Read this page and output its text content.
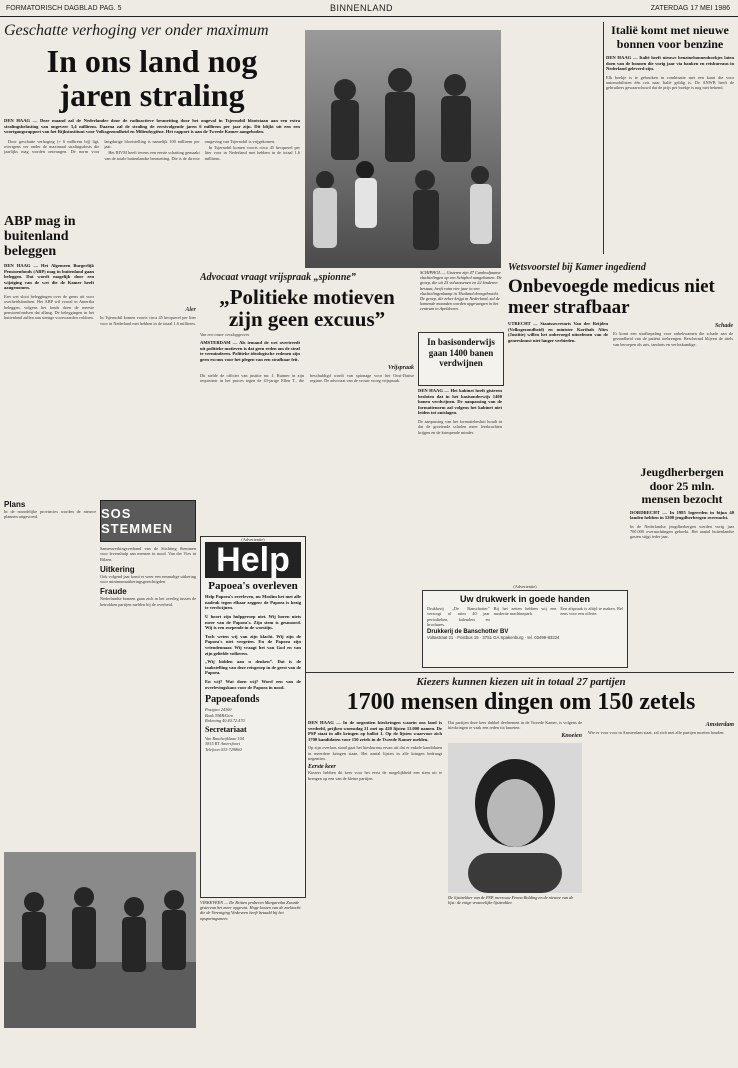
FORMATORISCH DAGBLAD PAG. 5	BINNENLAND	ZATERDAG 17 MEI 1986
Geschatte verhoging ver onder maximum
In ons land nog jaren straling
DEN HAAG — Deze maand zal de Nederlander door de radioactieve besmetting door het ongeval in Tsjernobil blootstaan aan een extra stralingsbelasting van ongeveer 3,4 millirem. Daarna zal de straling de eerstvolgende jaren 6 millirem per jaar zijn. Dit blijkt uit een een voortgangsrapport van het Rijksinstituut voor Volksgezondheid en Milieuhygiëne. Het rapport is aan de Tweede Kamer aangeboden.

Door geschatte verhoging (+ 6 millirem bij) ligt, overigens ver onder de maximaal stralingsdosis die jaarlijks mag worden ontvangen. De norm voor langdurige blootstelling is namelijk 100 millirem per jaar.

Het RIVM heeft tevens een eerste schatting gemaakt van de totale buitenlandse besmetting. Die is de directe omgeving van Tsjernobil is vrijgekomen.

In Tsjernobil komen voorts circa 45 becquerel per liter voor in Nederland met hebben in de totaal 1,6 millirem.

ABP mag in buitenland beleggen
DEN HAAG — Het Algemeen Burgerlijk Pensioenfonds (ABP) mag in buitenland gaan beleggen. Dat wordt mogelijk door een wijziging van de wet die de Kamer heeft aangenomen.
Een wet sloot beleggingen over de grens uit voor overheidsfondsen. Het ABP wil vooral in Amerika beleggen, volgens het fonds doen de meeste pensioenfondsen dat allang. De beleggingen in het buitenland zullen aan strenge voorwaarden voldoen.
Aler
In Tsjernobil komen voorts circa 45 becquerel per liter voor in Nederland met hebben in de totaal 1,6 millirem.
SCHIPHOL — Gisteren zijn 47 Cambodjaanse vluchtelingen op een Schiphol aangekomen. De groep, die uit 25 volwassenen en 22 kinderen bestaat, heeft ruim vier jaar in een vluchtelingenkamp in Thailand doorgebracht. De groep, die zeker krijgt in Nederland, zal de komende maanden worden opgevangen in het centrum in Apeldoorn.
Italië komt met nieuwe bonnen voor benzine
DEN HAAG — Italië heeft nieuwe benzinebonnenboekjes laten doen van de bonnen die vorig jaar via banken en reisbureaus in Nederland geleverd zijn.
Elk boekje is te gebruiken in combinatie met een kaart die voor automobilisten één reis naar Italië geldig is. De ANWB heeft de gebruikers gewaarschuwd dat de prijs per boekje is nog niet bekend.
Advocaat vraagt vrijspraak „spionne”
„Politieke motieven zijn geen excuus”
Van een onzer verslaggevers
AMSTERDAM — Als iemand de wet overtreedt uit politieke motieven is dat geen reden om de straf te verminderen. Politieke ideologische redenen zijn geen excuus voor het plegen van een strafbaar feit.
Vrijspraak
Dit stelde de officier van justitie mr. J. Ruimer in zijn requisitoir in het proces tegen de 43-jarige Ellen T., die beschuldigd wordt van spionage voor het Oost-Duitse regime. De advocaat van de vrouw vroeg vrijspraak.
In basisonderwijs gaan 1400 banen verdwijnen
DEN HAAG — Het kabinet heeft gisteren besloten dat in het basisonderwijs 1400 banen verdwijnen. De aanpassing van de formatienorm zal volgens het kabinet niet leiden tot ontslagen.
De aanpassing van het formatiebesluit houdt in dat de groeiende scholen meer leerkrachten krijgen en de krimpende minder.
Wetsvoorstel bij Kamer ingediend
Onbevoegde medicus niet meer strafbaar
UTRECHT — Staatssecretaris Van der Reijden (Volksgezondheid) en minister Korthals Altes (Justitie) willen het onbevoegd uitoefenen van de geneeskunst niet langer verbieden.
Schade
Er komt een strafbepaling voor onbekwamen die schade aan de gezondheid van de patiënt toebrengen. Beschermd blijven de titels van beroepen als arts, tandarts en verloskundige.
Jeugdherbergen door 25 mln. mensen bezocht
DORDRECHT — In 1985 logeerden in bijna 40 landen hebben in 5200 jeugdherbergen overnacht.
In de Nederlandse jeugdherbergen werden vorig jaar 700.000 overnachtingen geboekt. Het aantal buitenlandse gasten stijgt ieder jaar.
SOS STEMMEN
Samenwerkingsverband van de Stichting Stemmen voor levenshulp aan mensen in nood. Van der Vies in Bilzen.
Uitkering
Ook volgend jaar komt er weer een eenmalige uitkering voor minimumuitkeringsgerechtigden.
Fraude
Nederlandse bonnen gaan zich in het overleg tussen de betrokken partijen melden bij de overheid.
Plans
In de noordelijke provincies worden de nieuwe plannen uitgevoerd.
(Advertentie)
Help
Papoea's overleven
Help Papoea's overleven, nu Moslim het met alle nadruk tegen elkaar zeggen: de Papoea is bezig te verdwijnen.
U hoort zijn hulpgeroep niet. Wij horen niets meer van de Papoea's. Zijn stem is gesmoord. Wij is een roepende in de woestijn.
Toch weten wij van zijn klacht. Wij zijn de Papoea's niet vergeten. En de Papoea zijn vriendennaar. Wij vraagt het van God en van zijn geliefde volkeren.
„Wij bidden aan u denken”. Dat is de taakstelling van deze reisgroep in de geest van de Papoea.
En wij? Wat doen wij? Word een van de overlevingskans voor de Papoea in nood.
Papoeafonds
Postgiro 24300
Bank NMB/Giro
Rekening 40.40.72.470
Secretariaat
Van Randwijklaan 104
3815 RT Amersfoort
Telefoon 033-729860
(Advertentie)
Uw drukwerk in goede handen
Drukkerij „De Banschotter” verzorgt al ruim 40 jaar periodieken, kalenders en brochures.
Bij het zetten hebben wij een moderne machinepark.
Een afspraak is altijd te maken. Bel eens voor een offerte.
Drukkerij de Banschotter BV
Voltastraat 21 · Postbus 15 · 3751 GA Spakenburg · tel. 03499-83224
VINKEVEEN — De Britten proberen Margaretha Zwarde gistervan het meer opgevist. Hoge kosten van de zoektocht die de Vereniging Vinkeveen heeft betaald bij het opsporingsmeer.
Kiezers kunnen kiezen uit in totaal 27 partijen
1700 mensen dingen om 150 zetels
DEN HAAG — In de negentien kieskringen waarin ons land is verdeeld, prijken woensdag 21 mei op 420 lijsten 11.000 namen. De PSP staat in alle kringen op ballot 1. Op de lijsten waarvoor zich 1700 kandidaten voor 150 zetels in de Tweede Kamer melden.
Op zijn overlaas stand gaat het kiesbureau ervan uit dat er enkele kandidaten in meerdere kringen staan. Het aantal lijsten in alle kringen bedraagt negentien.
Eerste keer
Kiezers hebben dit keer voor het eerst de mogelijkheid een stem uit te brengen op een van de kleine partijen.
Dat partijen deze keer dubbel deelnemen in de Tweede Kamer, is volgens de kieskringen te vaak een reden tot knoeien.
Knoeien
De lijsttrekker van de PSP, mevrouw Fenna Bolding en de nieuwe van de lijst: de enige vrouwelijke lijsttrekker.
Amsterdam
Wie er voor voor in Amsterdam staat, zal zich met alle partijen moeten houden.
